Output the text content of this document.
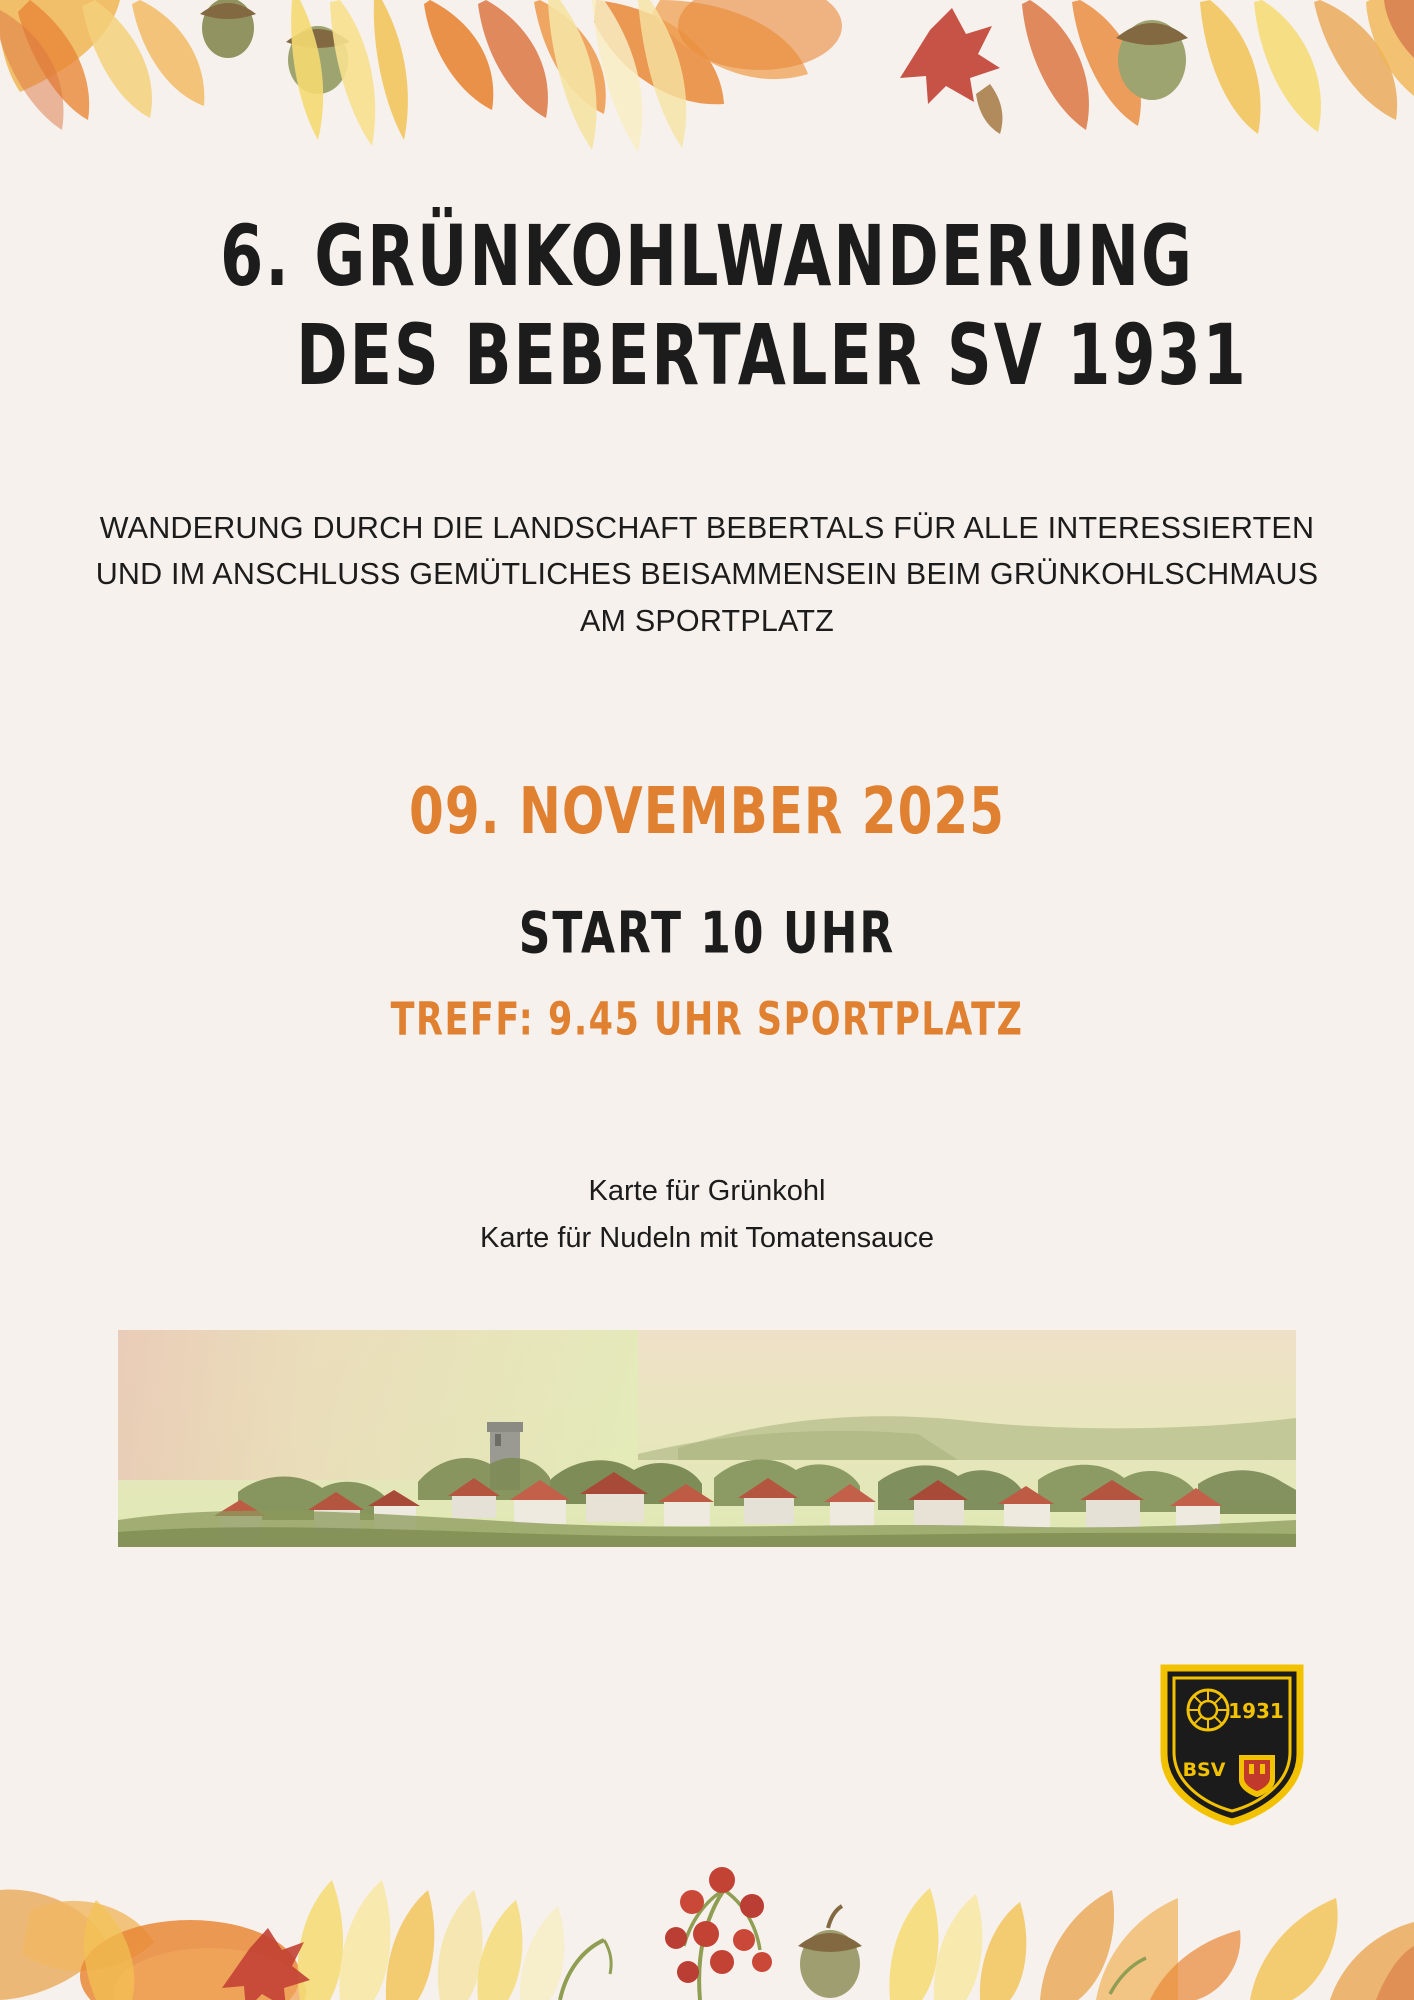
6. GRÜNKOHLWANDERUNG
DES BEBERTALER SV 1931
WANDERUNG DURCH DIE LANDSCHAFT BEBERTALS FÜR ALLE INTERESSIERTEN UND IM ANSCHLUSS GEMÜTLICHES BEISAMMENSEIN BEIM GRÜNKOHLSCHMAUS AM SPORTPLATZ
09. NOVEMBER 2025
START 10 UHR
TREFF: 9.45 UHR SPORTPLATZ
Karte für Grünkohl
Karte für Nudeln mit Tomatensauce
1931
BSV
